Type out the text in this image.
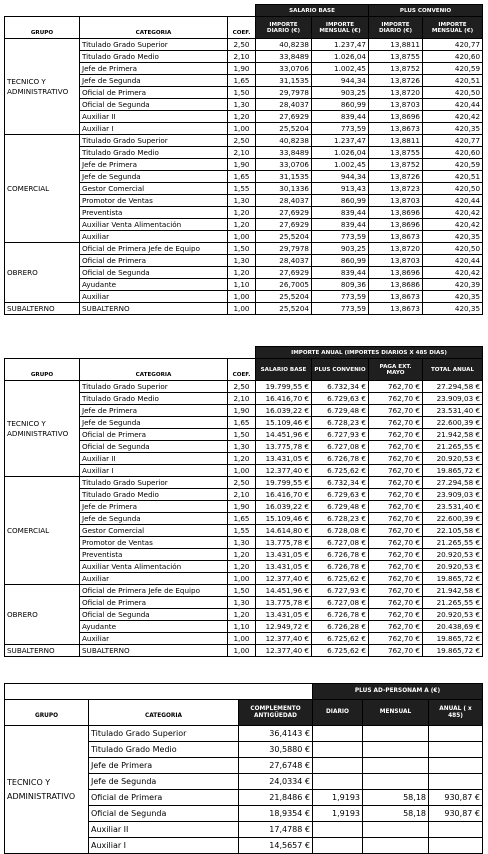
			SALARIO BASE		PLUS CONVENIO	
GRUPO	CATEGORIA	COEF.	IMPORTE DIARIO (€)	IMPORTE MENSUAL (€)	IMPORTE DIARIO (€)	IMPORTE MENSUAL (€)
TECNICO Y ADMINISTRATIVO	Titulado Grado Superior	2,50	40,8238	1.237,47	13,8811	420,77
	Titulado Grado Medio	2,10	33,8489	1.026,04	13,8755	420,60
	Jefe de Primera	1,90	33,0706	1.002,45	13,8752	420,59
	Jefe de Segunda	1,65	31,1535	944,34	13,8726	420,51
	Oficial de Primera	1,50	29,7978	903,25	13,8720	420,50
	Oficial de Segunda	1,30	28,4037	860,99	13,8703	420,44
	Auxiliar II	1,20	27,6929	839,44	13,8696	420,42
	Auxiliar I	1,00	25,5204	773,59	13,8673	420,35
COMERCIAL	Titulado Grado Superior	2,50	40,8238	1.237,47	13,8811	420,77
	Titulado Grado Medio	2,10	33,8489	1.026,04	13,8755	420,60
	Jefe de Primera	1,90	33,0706	1.002,45	13,8752	420,59
	Jefe de Segunda	1,65	31,1535	944,34	13,8726	420,51
	Gestor Comercial	1,55	30,1336	913,43	13,8723	420,50
	Promotor de Ventas	1,30	28,4037	860,99	13,8703	420,44
	Preventista	1,20	27,6929	839,44	13,8696	420,42
	Auxiliar Venta Alimentación	1,20	27,6929	839,44	13,8696	420,42
	Auxiliar	1,00	25,5204	773,59	13,8673	420,35
OBRERO	Oficial de Primera Jefe de Equipo	1,50	29,7978	903,25	13,8720	420,50
	Oficial de Primera	1,30	28,4037	860,99	13,8703	420,44
	Oficial de Segunda	1,20	27,6929	839,44	13,8696	420,42
	Ayudante	1,10	26,7005	809,36	13,8686	420,39
	Auxiliar	1,00	25,5204	773,59	13,8673	420,35
SUBALTERNO	SUBALTERNO	1,00	25,5204	773,59	13,8673	420,35
			IMPORTE ANUAL (IMPORTES DIARIOS X 485 DIAS)			
GRUPO	CATEGORIA	COEF.	SALARIO BASE	PLUS CONVENIO	PAGA EXT. MAYO	TOTAL ANUAL
TECNICO Y ADMINISTRATIVO	Titulado Grado Superior	2,50	19.799,55 €	6.732,34 €	762,70 €	27.294,58 €
	Titulado Grado Medio	2,10	16.416,70 €	6.729,63 €	762,70 €	23.909,03 €
	Jefe de Primera	1,90	16.039,22 €	6.729,48 €	762,70 €	23.531,40 €
	Jefe de Segunda	1,65	15.109,46 €	6.728,23 €	762,70 €	22.600,39 €
	Oficial de Primera	1,50	14.451,96 €	6.727,93 €	762,70 €	21.942,58 €
	Oficial de Segunda	1,30	13.775,78 €	6.727,08 €	762,70 €	21.265,55 €
	Auxiliar II	1,20	13.431,05 €	6.726,78 €	762,70 €	20.920,53 €
	Auxiliar I	1,00	12.377,40 €	6.725,62 €	762,70 €	19.865,72 €
COMERCIAL	Titulado Grado Superior	2,50	19.799,55 €	6.732,34 €	762,70 €	27.294,58 €
	Titulado Grado Medio	2,10	16.416,70 €	6.729,63 €	762,70 €	23.909,03 €
	Jefe de Primera	1,90	16.039,22 €	6.729,48 €	762,70 €	23.531,40 €
	Jefe de Segunda	1,65	15.109,46 €	6.728,23 €	762,70 €	22.600,39 €
	Gestor Comercial	1,55	14.614,80 €	6.728,08 €	762,70 €	22.105,58 €
	Promotor de Ventas	1,30	13.775,78 €	6.727,08 €	762,70 €	21.265,55 €
	Preventista	1,20	13.431,05 €	6.726,78 €	762,70 €	20.920,53 €
	Auxiliar Venta Alimentación	1,20	13.431,05 €	6.726,78 €	762,70 €	20.920,53 €
	Auxiliar	1,00	12.377,40 €	6.725,62 €	762,70 €	19.865,72 €
OBRERO	Oficial de Primera Jefe de Equipo	1,50	14.451,96 €	6.727,93 €	762,70 €	21.942,58 €
	Oficial de Primera	1,30	13.775,78 €	6.727,08 €	762,70 €	21.265,55 €
	Oficial de Segunda	1,20	13.431,05 €	6.726,78 €	762,70 €	20.920,53 €
	Ayudante	1,10	12.949,72 €	6.726,28 €	762,70 €	20.438,69 €
	Auxiliar	1,00	12.377,40 €	6.725,62 €	762,70 €	19.865,72 €
SUBALTERNO	SUBALTERNO	1,00	12.377,40 €	6.725,62 €	762,70 €	19.865,72 €
			PLUS AD-PERSONAM A (€)		
GRUPO	CATEGORIA	COMPLEMENTO ANTIGÜEDAD	DIARIO	MENSUAL	ANUAL ( x 485)
TECNICO Y ADMINISTRATIVO	Titulado Grado Superior	36,4143 €			
	Titulado Grado Medio	30,5880 €			
	Jefe de Primera	27,6748 €			
	Jefe de Segunda	24,0334 €			
	Oficial de Primera	21,8486 €	1,9193	58,18	930,87 €
	Oficial de Segunda	18,9354 €	1,9193	58,18	930,87 €
	Auxiliar II	17,4788 €			
	Auxiliar I	14,5657 €			
